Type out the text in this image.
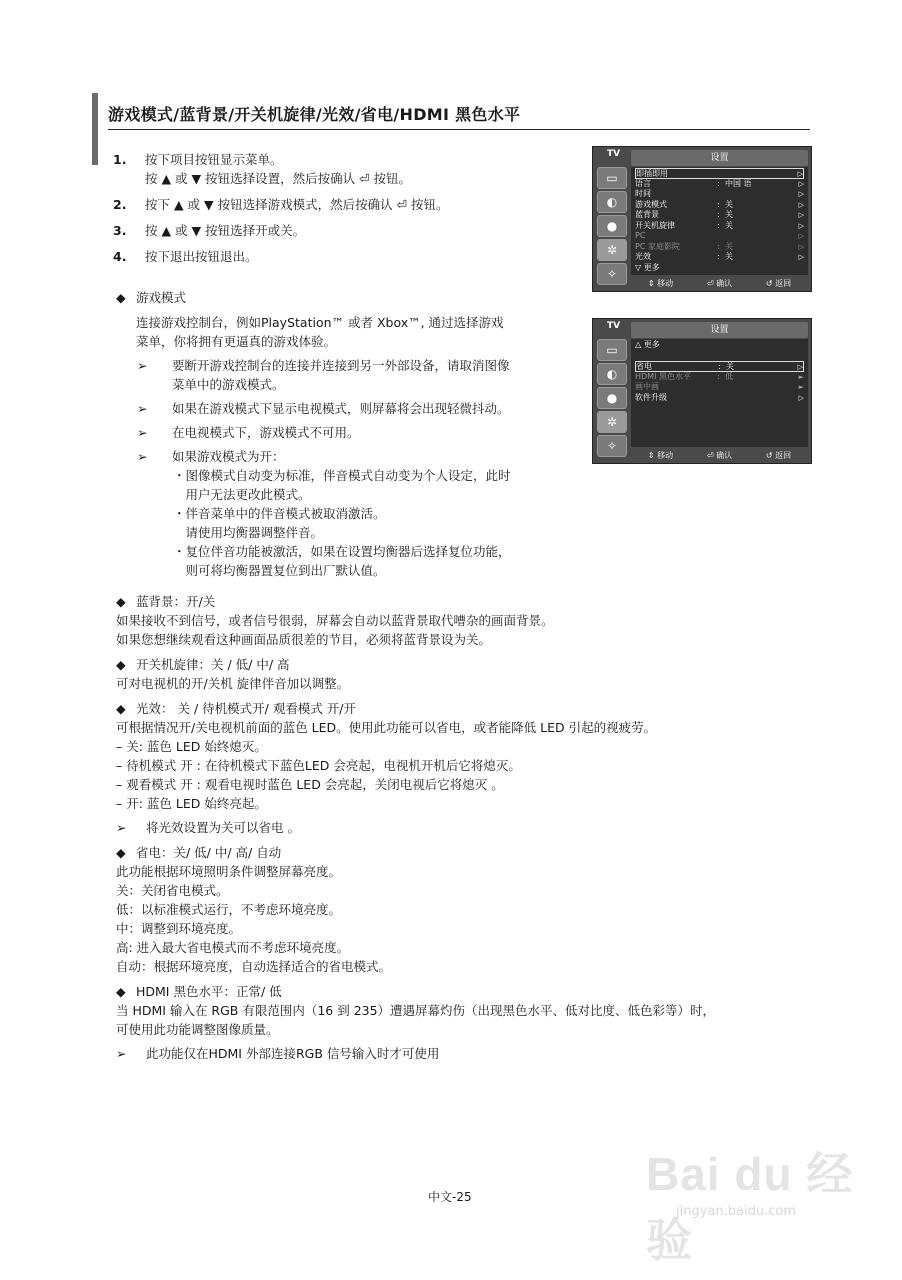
游戏模式/蓝背景/开关机旋律/光效/省电/HDMI 黑色水平
1. 按下项目按钮显示菜单。
按 ▲ 或 ▼ 按钮选择设置，然后按确认 ⏎ 按钮。
2. 按下 ▲ 或 ▼ 按钮选择游戏模式，然后按确认 ⏎ 按钮。
3. 按 ▲ 或 ▼ 按钮选择开或关。
4. 按下退出按钮退出。
TV	设置
▭
◐
●
✲
✧
即插即用	▷
语言	: 中国 语	▷
时间	▷
游戏模式	: 关	▷
蓝背景	: 关	▷
开关机旋律	: 关	▷
PC	▷
PC 家庭影院	: 关	▷
光效	: 关	▷
▽ 更多
⇕ 移动	⏎ 确认	↺ 返回
TV	设置
▭
◐
●
✲
✧
△ 更多
省电	: 关	▷
HDMI 黑色水平	: 低	►
画中画	►
软件升级	▷
⇕ 移动	⏎ 确认	↺ 返回
◆ 游戏模式
连接游戏控制台，例如PlayStation™ 或者 Xbox™, 通过选择游戏
菜单，你将拥有更逼真的游戏体验。
➢	要断开游戏控制台的连接并连接到另一外部设备，请取消图像
菜单中的游戏模式。
➢	如果在游戏模式下显示电视模式，则屏幕将会出现轻微抖动。
➢	在电视模式下，游戏模式不可用。
➢	如果游戏模式为开：
・图像模式自动变为标准，伴音模式自动变为个人设定，此时
　用户无法更改此模式。
・伴音菜单中的伴音模式被取消激活。
　请使用均衡器调整伴音。
・复位伴音功能被激活，如果在设置均衡器后选择复位功能，
　则可将均衡器置复位到出厂默认值。
◆ 蓝背景：开/关
如果接收不到信号，或者信号很弱，屏幕会自动以蓝背景取代嘈杂的画面背景。
如果您想继续观看这种画面品质很差的节目，必须将蓝背景设为关。
◆ 开关机旋律：关 / 低/ 中/ 高
可对电视机的开/关机 旋律伴音加以调整。
◆ 光效： 关 / 待机模式开/ 观看模式 开/开
可根据情况开/关电视机前面的蓝色 LED。使用此功能可以省电，或者能降低 LED 引起的视疲劳。
– 关: 蓝色 LED 始终熄灭。
– 待机模式 开 : 在待机模式下蓝色LED 会亮起，电视机开机后它将熄灭。
– 观看模式 开 : 观看电视时蓝色 LED 会亮起，关闭电视后它将熄灭 。
– 开: 蓝色 LED 始终亮起。
➢	将光效设置为关可以省电 。
◆ 省电：关/ 低/ 中/ 高/ 自动
此功能根据环境照明条件调整屏幕亮度。
关：关闭省电模式。
低：以标准模式运行，不考虑环境亮度。
中：调整到环境亮度。
高: 进入最大省电模式而不考虑环境亮度。
自动：根据环境亮度，自动选择适合的省电模式。
◆ HDMI 黑色水平：正常/ 低
当 HDMI 输入在 RGB 有限范围内（16 到 235）遭遇屏幕灼伤（出现黑色水平、低对比度、低色彩等）时，
可使用此功能调整图像质量。
➢	此功能仅在HDMI 外部连接RGB 信号输入时才可使用
中文-25	Bai du 经验
jingyan.baidu.com
